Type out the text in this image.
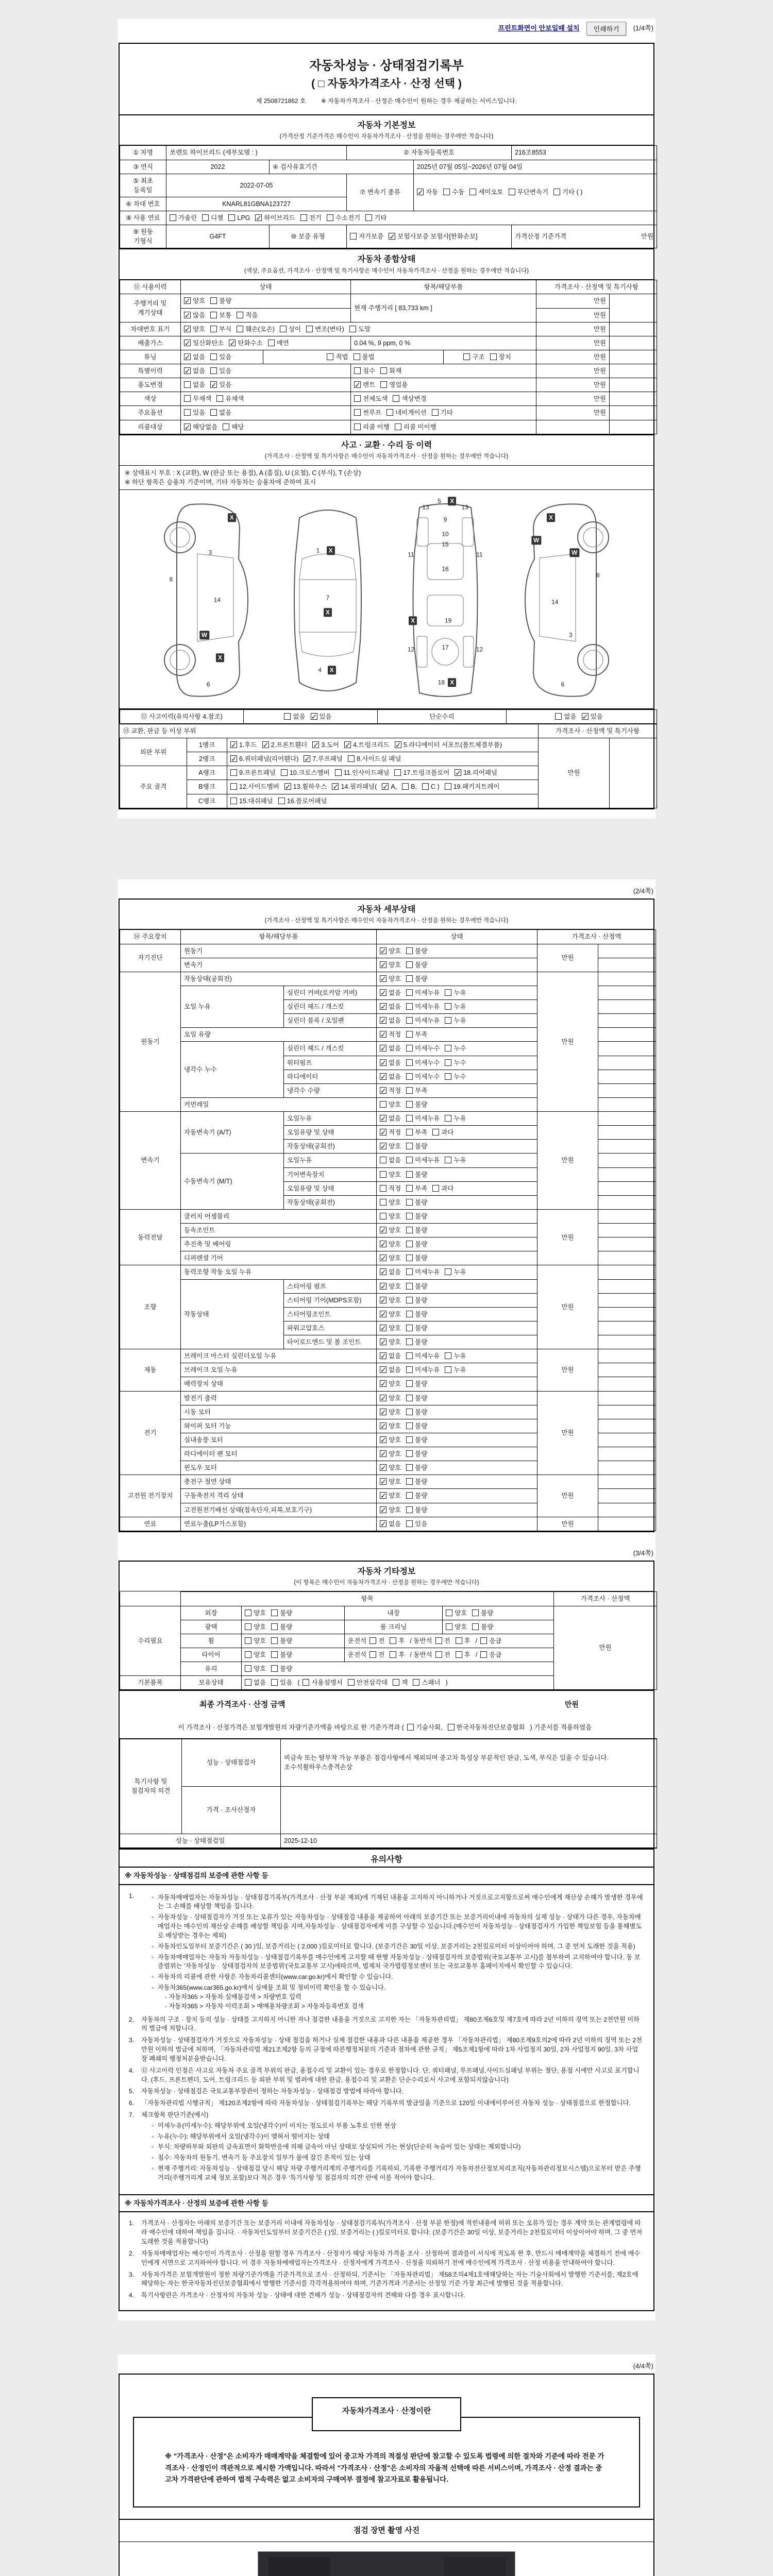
프린트화면이 안보일때 설치	인쇄하기	(1/4쪽)
자동차성능 · 상태점검기록부
( □ 자동차가격조사 · 산정 선택 )
제 2508721862 호 ※ 자동차가격조사 · 산정은 매수인이 원하는 경우 제공하는 서비스입니다.
자동차 기본정보
(가격산정 기준가격은 매수인이 자동차가격조사 · 산정을 원하는 경우에만 적습니다)
① 차명	쏘렌토 하이브리드 (세부모델 : )		② 자동차등록번호		216조8553
③ 연식	2022	④ 검사유효기간		2025년 07월 05일~2026년 07월 04일	
⑤ 최초 등록일	2022-07-05		⑦ 변속기 종류	✓자동 수동 세미오토 무단변속기 기타 ( )
⑥ 차대 번호	KNARL81GBNA123727				
⑧ 사용 연료	가솔린 디젤 LPG ✓ 하이브리드 전기 수소전기 기타
⑨ 원동 기형식	G4FT	⑩ 보증 유형	자가보증 ✓ 보험사보증 보험사[한화손보]		가격산정 기준가격 만원
자동차 종합상태
(색상, 주요옵션, 가격조사 · 산정액 및 특기사항은 매수인이 자동차가격조사 · 산정을 원하는 경우에만 적습니다)
⑪ 사용이력	상태		항목/해당부품		가격조사 · 산정액 및 특기사항	
주행거리 및 계기상태	✓양호 불량		현재 주행거리 [ 83,733 km ]		만원	
✓많음 보통 적음				만원	
차대번호 표기	✓양호 부식 훼손(오손) 상이 변조(변타) 도말				만원	
배출가스	✓일산화탄소 ✓ 탄화수소 매연		0.04 %, 9 ppm, 0 %		만원	
튜닝	✓없음 있음	적법 불법		구조 장치	만원	
특별이력	✓없음 있음		침수 화재		만원	
용도변경	없음 ✓ 있음	✓렌트 영업용		만원	
색상	무채색 유채색		전체도색 색상변경		만원	
주요옵션	있음 없음		썬루프 네비게이션 기타		만원	
리콜대상	✓해당없음 해당		리콜 이행 리콜 미이행			
사고 · 교환 · 수리 등 이력
(가격조사 · 산정액 및 특기사항은 매수인이 자동차가격조사 · 산정을 원하는 경우에만 적습니다)
※ 상태표시 부호 : X (교환), W (판금 또는 용접), A (흠집), U (요철), C (부식), T (손상)
※ 하단 항목은 승용차 기준이며, 기타 자동차는 승용차에 준하여 표시
X
3
8
14
W
X
6
1	X
7
X
4	X
13	13
5	X
9
10
15
16
11	11
X	19
17
12	12
18 X
X
W
W
8
14
3
6
⑫ 사고이력(유의사항 4.참조)	없음 ✓ 있음	단순수리	없음 ✓ 있음
⑬ 교환, 판금 등 이상 부위			가격조사 · 산정액 및 특기사항	
외판 부위	1랭크	✓1.후드 ✓ 2.프론트휀더 ✓ 3.도어 ✓ 4.트렁크리드 ✓ 5.라디에이터 서포트(볼트체결부품)	만원	
	2랭크	✓6.쿼터패널(리어휀다) ✓ 7.루프패널 8.사이드실 패널
주요 골격	A랭크	9.프론트패널 10.크로스멤버 11.인사이드패널 17.트렁크플로어 ✓ 18.리어패널
	B랭크	12.사이드멤버 ✓ 13.휠하우스 ✓ 14.필러패널( ✓ A, B, C ) 19.패키지트레이
	C랭크	15.대쉬패널 16.플로어패널		
(2/4쪽)
자동차 세부상태
(가격조사 · 산정액 및 특기사항은 매수인이 자동차가격조사 · 산정을 원하는 경우에만 적습니다)
⑭ 주요장치	항목/해당부품		상태	가격조사 · 산정액	
자기진단	원동기	✓양호 불량	만원	
	변속기	✓양호 불량	
원동기	작동상태(공회전)	✓양호 불량	만원	
	오일 누유	실린더 커버(로커암 커버)	✓없음 미세누유 누유	
		실린더 헤드 / 개스킷	✓없음 미세누유 누유	
		실린더 블록 / 오일팬	✓없음 미세누유 누유	
	오일 유량	✓적정 부족	
	냉각수 누수	실린더 헤드 / 개스킷	✓없음 미세누수 누수	
		워터펌프	✓없음 미세누수 누수	
		라디에이터	✓없음 미세누수 누수	
		냉각수 수량	✓적정 부족	
	커먼레일		양호 불량		
변속기	자동변속기 (A/T)	오일누유	✓없음 미세누유 누유	만원	
		오일유량 및 상태	✓적정 부족 과다	
		작동상태(공회전)	✓양호 불량	
	수동변속기 (M/T)	오일누유	없음 미세누유 누유		
		기어변속장치	양호 불량		
		오일유량 및 상태	적정 부족 과다		
		작동상태(공회전)	양호 불량		
동력전달	클러치 어셈블리		양호 불량	만원	
	등속조인트	✓양호 불량	
	추진축 및 베어링	✓양호 불량	
	디퍼렌셜 기어	✓양호 불량	
조향	동력조향 작동 오일 누유	✓없음 미세누유 누유	만원	
	작동상태	스티어링 펌프	✓양호 불량	
		스티어링 기어(MDPS포함)	✓양호 불량	
		스티어링조인트	✓양호 불량	
		파워고압호스	✓양호 불량	
		타이로드엔드 및 볼 조인트	✓양호 불량	
제동	브레이크 마스터 실린더오일 누유	✓없음 미세누유 누유	만원	
	브레이크 오일 누유	✓없음 미세누유 누유	
	배력장치 상태	✓양호 불량	
전기	발전기 출력	✓양호 불량	만원	
	시동 모터	✓양호 불량	
	와이퍼 모터 기능	✓양호 불량	
	실내송풍 모터	✓양호 불량	
	라디에이터 팬 모터	✓양호 불량	
	윈도우 모터	✓양호 불량	
고전원 전기장치	충전구 절연 상태	✓양호 불량	만원	
	구동축전지 격리 상태	✓양호 불량	
	고전원전기배선 상태(접속단자,피복,보호기구)	✓양호 불량	
연료	연료누출(LP가스포함)	✓없음 있음	만원	
(3/4쪽)
자동차 기타정보
(이 항목은 매수인이 자동차가격조사 · 산정을 원하는 경우에만 적습니다)
	항목				가격조사 · 산정액
수리필요	외장	양호 불량	내장	양호 불량	만원
	광택	양호 불량	룸 크리닝	양호 불량	
	휠	양호 불량	운전석 전 후 / 동반석 전 후 / 응급		
	타이어	양호 불량	운전석 전 후 / 동반석 전 후 / 응급		
	유리	양호 불량			
기본품목	보유상태	없음 있음 ( 사용설명서 안전삼각대 잭 스패너 )			
최종 가격조사 · 산정 금액	만원
이 가격조사 · 산정가격은 보험개발원의 차량기준가액을 바탕으로 한 기준가격과 ( 기술사회, 한국자동차진단보증협회 ) 기준서를 적용하였음
특기사항 및 점검자의 의견	성능 · 상태점검자	비금속 또는 탈부착 가능 부품은 점검사항에서 제외되며 중고차 특성상 부분적인 판금, 도색, 부식은 있을 수 있습니다. 조수석휠하우스충격손상
	가격 · 조사산정자	
성능 · 상태점검일		2025-12-10
유의사항
※ 자동차성능 · 상태점검의 보증에 관한 사항 등
1.	◦ 자동차매매업자는 자동차성능 · 상태점검기록부(가격조사 · 산정 부분 제외)에 기재된 내용을 고지하지 아니하거나 거짓으로고지함으로써 매수인에게 재산상 손해가 발생한 경우에는 그 손해를 배상할 책임을 집니다.
◦ 자동차성능 · 상태점검자가 거짓 또는 오류가 있는 자동차성능 · 상태점검 내용을 제공하여 아래의 보증기간 또는 보증거리이내에 자동차의 실제 성능 · 상태가 다른 경우, 자동차매매업자는 매수인의 재산상 손해를 배상할 책임을 지며,자동차성능 · 상태점검자에게 이를 구상할 수 있습니다.(매수인이 자동차성능 · 상태점검자가 가입한 책임보험 등을 통해별도로 배상받는 경우는 제외)
◦ 자동차인도일부터 보증기간은 ( 30 )일, 보증거리는 ( 2,000 )킬로미터로 합니다. (보증기간은 30일 이상, 보증거리는 2천킬로미터 이상이어야 하며, 그 중 먼저 도래한 것을 적용)
◦ 자동차매매업자는 자동차 자동차성능 · 상태점검기록부를 매수인에게 고지할 때 현행 자동차성능 · 상태점검자의 보증범위(국토교통부 고시)를 첨부하여 고지하여야 합니다. 동 보증범위는 '자동차성능 · 상태점검자의 보증범위'(국토교통부 고시)에따르며, 법제처 국가법령정보센터 또는 국토교통부 홈페이지에서 확인할 수 있습니다.
◦ 자동차의 리콜에 관한 사항은 자동차리콜센터(www.car.go.kr)에서 확인할 수 있습니다.
◦ 자동차365(www.car365.go.kr)에서 실매물 조회 및 정비이력 확인을 할 수 있습니다.
- 자동차365 > 자동차 실매물검색 > 차량번호 입력
- 자동차365 > 자동차 이력조회 > 매매용차량조회 > 자동차등록번호 검색
2.	자동차의 구조 · 장치 등의 성능 · 상태를 고지하지 아니한 자나 점검한 내용을 거짓으로 고지한 자는 「자동차관리법」 제80조제6호및 제7호에 따라 2년 이하의 징역 또는 2천만원 이하의 벌금에 처합니다.
3.	자동차성능 · 상태점검자가 거짓으로 자동차성능 · 상태 점검을 하거나 실제 점검한 내용과 다른 내용을 제공한 경우 「자동차관리법」 제80조제9호의2에 따라 2년 이하의 징역 또는 2천만원 이하의 벌금에 처하며, 「자동차관리법 제21조제2항 등의 규정에 따른행정처분의 기준과 절차에 관한 규칙」 제5조제1항에 따라 1차 사업정지 30일, 2차 사업정지 90일, 3차 사업장 폐쇄의 행정처분을받습니다.
4.	⑫ 사고이력 인정은 사고로 자동차 주요 골격 부위의 판금, 용접수리 및 교환이 있는 경우로 한정합니다. 단, 쿼터패널, 루프패널,사이드실패널 부위는 절단, 용접 시에만 사고로 표기합니다. (후드, 프론트펜더, 도어, 트렁크리드 등 외판 부위 및 범퍼에 대한 판금, 용접수리 및 교환은 단순수리로서 사고에 포함되지않습니다)
5.	자동차성능 · 상태점검은 국토교통부장관이 정하는 자동차성능 · 상태점검 방법에 따라야 합니다.
6.	「자동차관리법 시행규칙」 제120조제2항에 따라 자동차성능 · 상태점검기록부는 해당 기록부의 발급일을 기준으로 120일 이내에이루어진 자동차 성능 · 상태점검으로 한정합니다.
7.	체크항목 판단기준(예시)
◦ 미세누유(미세누수): 해당부위에 오일(냉각수)이 비치는 정도로서 부품 노후로 인한 현상
◦ 누유(누수): 해당부위에서 오일(냉각수)이 맺혀서 떨어지는 상태
◦ 부식: 차량하부와 외판의 금속표면이 화학반응에 의해 금속이 아닌 상태로 상실되어 가는 현상(단순히 녹슬어 있는 상태는 제외합니다)
◦ 침수: 자동차의 원동기, 변속기 등 주요장치 일부가 물에 잠긴 흔적이 있는 상태
◦ 현재 주행거리: 자동차성능 · 상태점검 당시 해당 차량 주행거리계의 주행거리를 기록하되, 기록한 주행거리가 자동차전산정보처리조직(자동차관리정보시스템)으로부터 받은 주행거리(주행거리계 교체 정보 포함)보다 적은 경우 '특기사항 및 점검자의 의견' 란에 이를 적어야 합니다.
※ 자동차가격조사 · 산정의 보증에 관한 사항 등
1.	가격조사 · 산정자는 아래의 보증기간 또는 보증거리 이내에 자동차성능 · 상태점검기록부(가격조사 · 산정 부분 한정)에 적힌내용에 허위 또는 오류가 있는 경우 계약 또는 관계법령에 따라 매수인에 대하여 책임을 집니다. · 자동차인도일부터 보증기간은 ( )일, 보증거리는 ( )킬로미터로 합니다. (보증기간은 30일 이상, 보증거리는 2천킬로미터 이상이어야 하며, 그 중 먼저 도래한 것을 적용합니다)
2.	자동차매매업자는 매수인이 가격조사 · 산정을 원할 경우 가격조사 · 산정자가 해당 자동차 가격을 조사 · 산정하여 결과를이 서식에 적도록 한 후, 반드시 매매계약을 체결하기 전에 매수인에게 서면으로 고지하여야 합니다. 이 경우 자동차매매업자는가격조사 · 산정자에게 가격조사 · 산정을 의뢰하기 전에 매수인에게 가격조사 · 산정 비용을 안내하여야 합니다.
3.	자동차가격은 보험개발원이 정한 차량기준가액을 기준가격으로 조사 · 산정하되, 기준서는 「자동차관리법」 제58조의4제1호에해당하는 자는 기술사회에서 발행한 기준서를, 제2호에 해당하는 자는 한국자동차진단보증협회에서 발행한 기준서를 각각적용하여야 하며, 기준가격과 기준서는 산정일 기준 가장 최근에 발행된 것을 적용합니다.
4.	특기사항란은 가격조사 · 산정자의 자동차 성능 · 상태에 대한 견해가 성능 · 상태점검자의 견해와 다를 경우 표시합니다.
(4/4쪽)
자동차가격조사 · 산정이란
※ "가격조사 · 산정"은 소비자가 매매계약을 체결함에 있어 중고차 가격의 적절성 판단에 참고할 수 있도록 법령에 의한 절차와 기준에 따라 전문 가격조사 · 산정인이 객관적으로 제시한 가액입니다. 따라서 "가격조사 · 산정"은 소비자의 자율적 선택에 따른 서비스이며, 가격조사 · 산정 결과는 중고차 가격판단에 관하여 법적 구속력은 없고 소비자의 구매여부 결정에 참고자료로 활용됩니다.
점검 장면 촬영 사진
